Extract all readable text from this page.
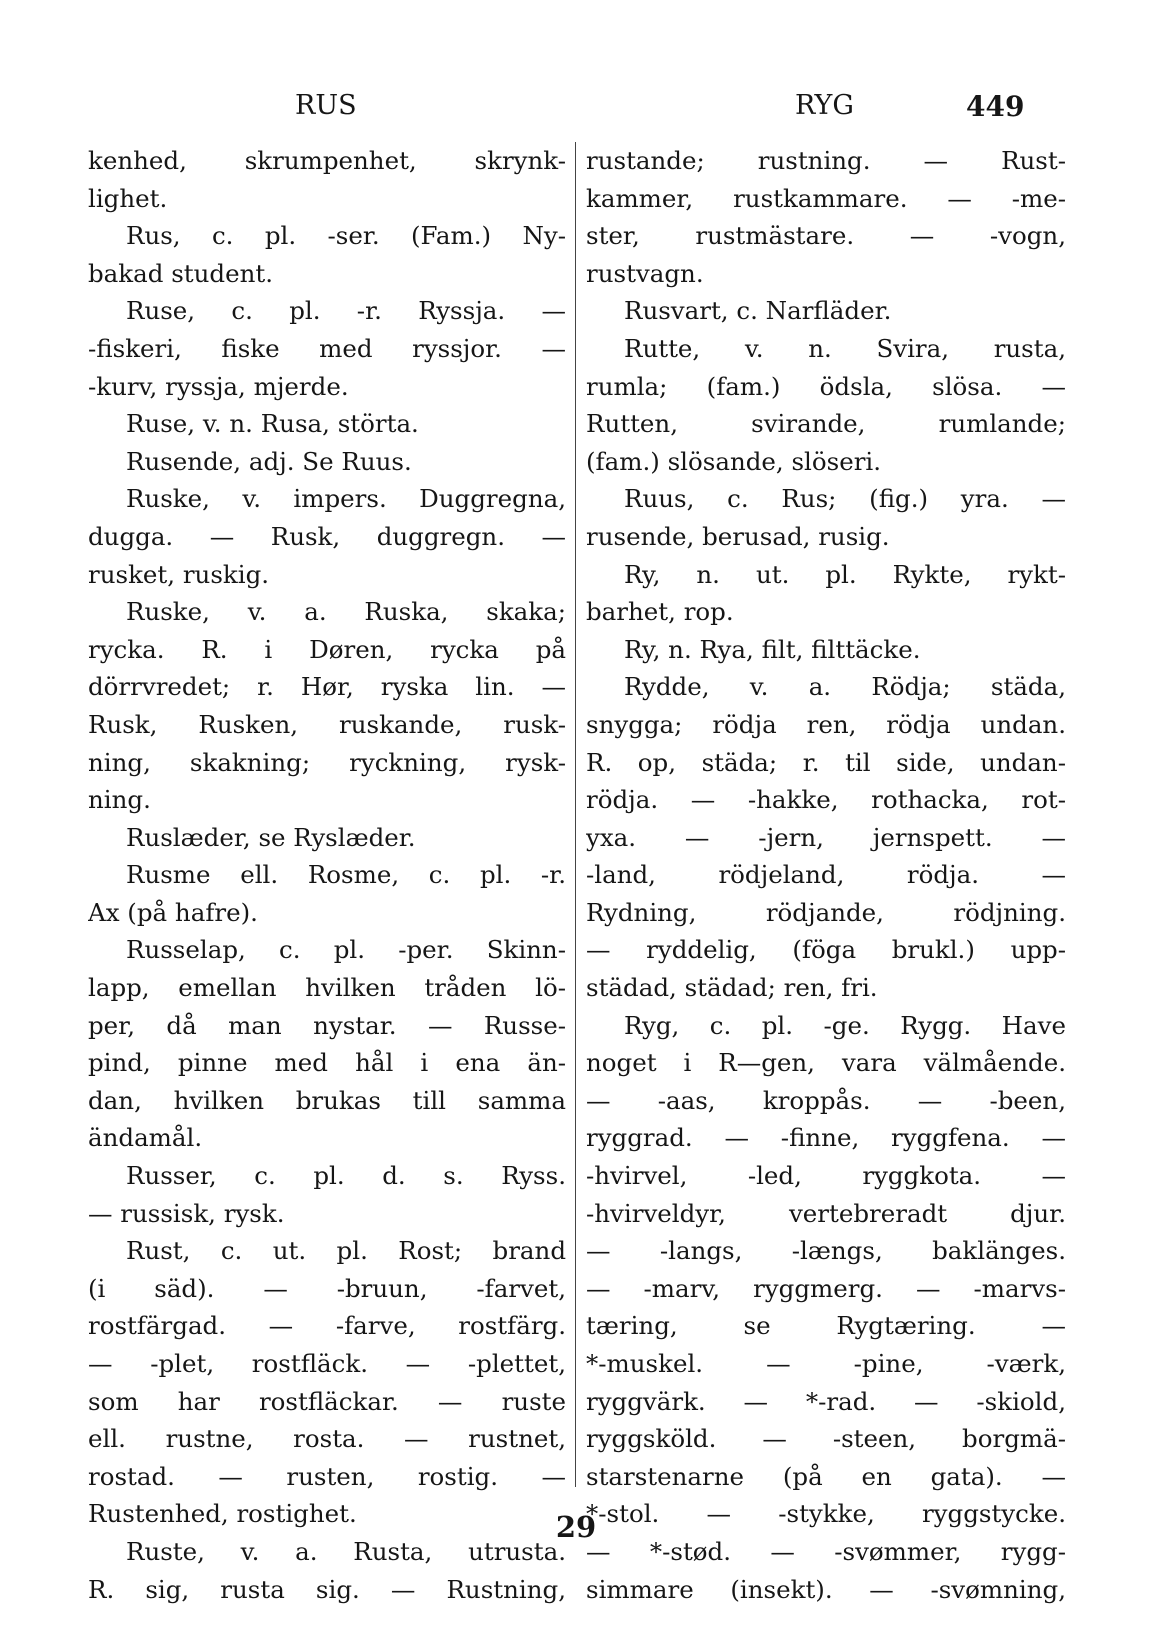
RUS	RYG	449
kenhed, skrumpenhet, skrynk-
lighet.
Rus, c. pl. -ser. (Fam.) Ny-
bakad student.
Ruse, c. pl. -r. Ryssja. —
-fiskeri, fiske med ryssjor. —
-kurv, ryssja, mjerde.
Ruse, v. n. Rusa, störta.
Rusende, adj. Se Ruus.
Ruske, v. impers. Duggregna,
dugga. — Rusk, duggregn. —
rusket, ruskig.
Ruske, v. a. Ruska, skaka;
rycka. R. i Døren, rycka på
dörrvredet; r. Hør, ryska lin. —
Rusk, Rusken, ruskande, rusk-
ning, skakning; ryckning, rysk-
ning.
Ruslæder, se Ryslæder.
Rusme ell. Rosme, c. pl. -r.
Ax (på hafre).
Russelap, c. pl. -per. Skinn-
lapp, emellan hvilken tråden lö-
per, då man nystar. — Russe-
pind, pinne med hål i ena än-
dan, hvilken brukas till samma
ändamål.
Russer, c. pl. d. s. Ryss.
— russisk, rysk.
Rust, c. ut. pl. Rost; brand
(i säd). — -bruun, -farvet,
rostfärgad. — -farve, rostfärg.
— -plet, rostfläck. — -plettet,
som har rostfläckar. — ruste
ell. rustne, rosta. — rustnet,
rostad. — rusten, rostig. —
Rustenhed, rostighet.
Ruste, v. a. Rusta, utrusta.
R. sig, rusta sig. — Rustning,
rustande; rustning. — Rust-
kammer, rustkammare. — -me-
ster, rustmästare. — -vogn,
rustvagn.
Rusvart, c. Narfläder.
Rutte, v. n. Svira, rusta,
rumla; (fam.) ödsla, slösa. —
Rutten, svirande, rumlande;
(fam.) slösande, slöseri.
Ruus, c. Rus; (fig.) yra. —
rusende, berusad, rusig.
Ry, n. ut. pl. Rykte, rykt-
barhet, rop.
Ry, n. Rya, filt, filttäcke.
Rydde, v. a. Rödja; städa,
snygga; rödja ren, rödja undan.
R. op, städa; r. til side, undan-
rödja. — -hakke, rothacka, rot-
yxa. — -jern, jernspett. —
-land, rödjeland, rödja. —
Rydning, rödjande, rödjning.
— ryddelig, (föga brukl.) upp-
städad, städad; ren, fri.
Ryg, c. pl. -ge. Rygg. Have
noget i R—gen, vara välmående.
— -aas, kroppås. — -been,
ryggrad. — -finne, ryggfena. —
-hvirvel, -led, ryggkota. —
-hvirveldyr, vertebreradt djur.
— -langs, -længs, baklänges.
— -marv, ryggmerg. — -marvs-
tæring, se Rygtæring. —
*-muskel. — -pine, -værk,
ryggvärk. — *-rad. — -skiold,
ryggsköld. — -steen, borgmä-
starstenarne (på en gata). —
*-stol. — -stykke, ryggstycke.
— *-stød. — -svømmer, rygg-
simmare (insekt). — -svømning,
29
